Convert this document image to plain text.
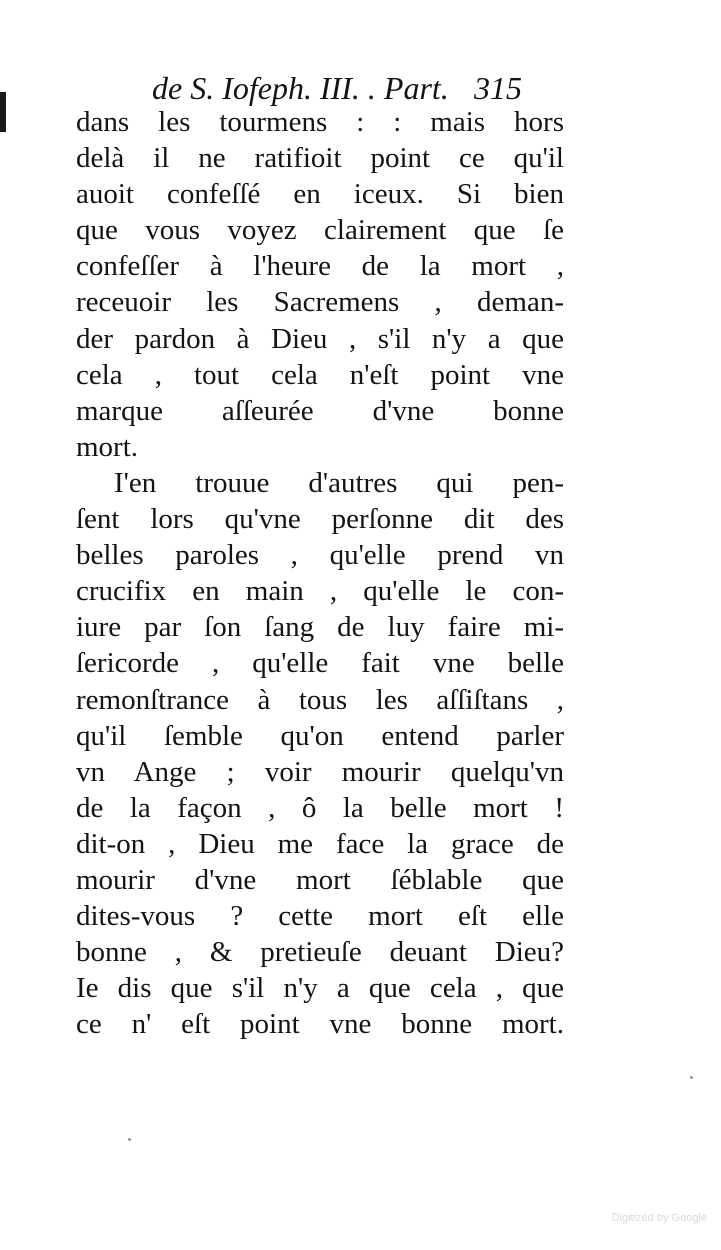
de S. Iofeph. III. . Part. 315
dans les tourmens : : mais hors
delà il ne ratifioit point ce qu'il
auoit confeſſé en iceux. Si bien
que vous voyez clairement que ſe
confeſſer à l'heure de la mort ,
receuoir les Sacremens , deman-
der pardon à Dieu , s'il n'y a que
cela , tout cela n'eſt point vne
marque aſſeurée d'vne bonne
mort.
I'en trouue d'autres qui pen-
ſent lors qu'vne perſonne dit des
belles paroles , qu'elle prend vn
crucifix en main , qu'elle le con-
iure par ſon ſang de luy faire mi-
ſericorde , qu'elle fait vne belle
remonſtrance à tous les aſſiſtans ,
qu'il ſemble qu'on entend parler
vn Ange ; voir mourir quelqu'vn
de la façon , ô la belle mort !
dit-on , Dieu me face la grace de
mourir d'vne mort ſéblable que
dites-vous ? cette mort eſt elle
bonne , & pretieuſe deuant Dieu?
Ie dis que s'il n'y a que cela , que
ce n' eſt point vne bonne mort.
Digitized by Google
